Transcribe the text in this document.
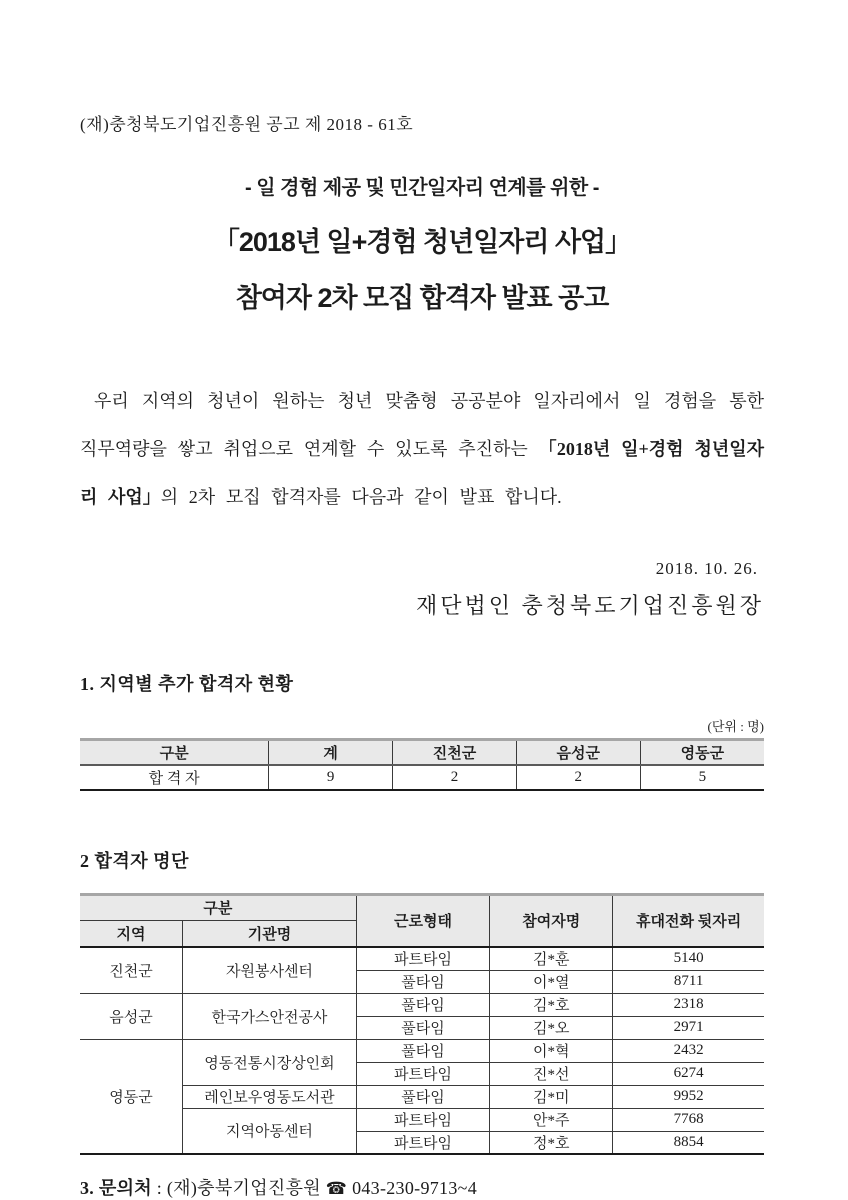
(재)충청북도기업진흥원 공고 제 2018 - 61호
- 일 경험 제공 및 민간일자리 연계를 위한 -
「2018년 일+경험 청년일자리 사업」
참여자 2차 모집 합격자 발표 공고

우리 지역의 청년이 원하는 청년 맞춤형 공공분야 일자리에서 일 경험을 통한 직무역량을 쌓고 취업으로 연계할 수 있도록 추진하는 「2018년 일+경험 청년일자리 사업」의 2차 모집 합격자를 다음과 같이 발표 합니다.

2018. 10. 26.
재단법인 충청북도기업진흥원장
1. 지역별 추가 합격자 현황
(단위 : 명)
구분	계	진천군	음성군	영동군
합 격 자	9	2	2	5
2 합격자 명단
구분		근로형태	참여자명	휴대전화 뒷자리
지역	기관명			
진천군	자원봉사센터	파트타임	김*훈	5140
		풀타임	이*열	8711
음성군	한국가스안전공사	풀타임	김*호	2318
		풀타임	김*오	2971
영동군	영동전통시장상인회	풀타임	이*혁	2432
		파트타임	진*선	6274
	레인보우영동도서관	풀타임	김*미	9952
	지역아동센터	파트타임	안*주	7768
		파트타임	정*호	8854
3. 문의처 : (재)충북기업진흥원 ☎ 043-230-9713~4
